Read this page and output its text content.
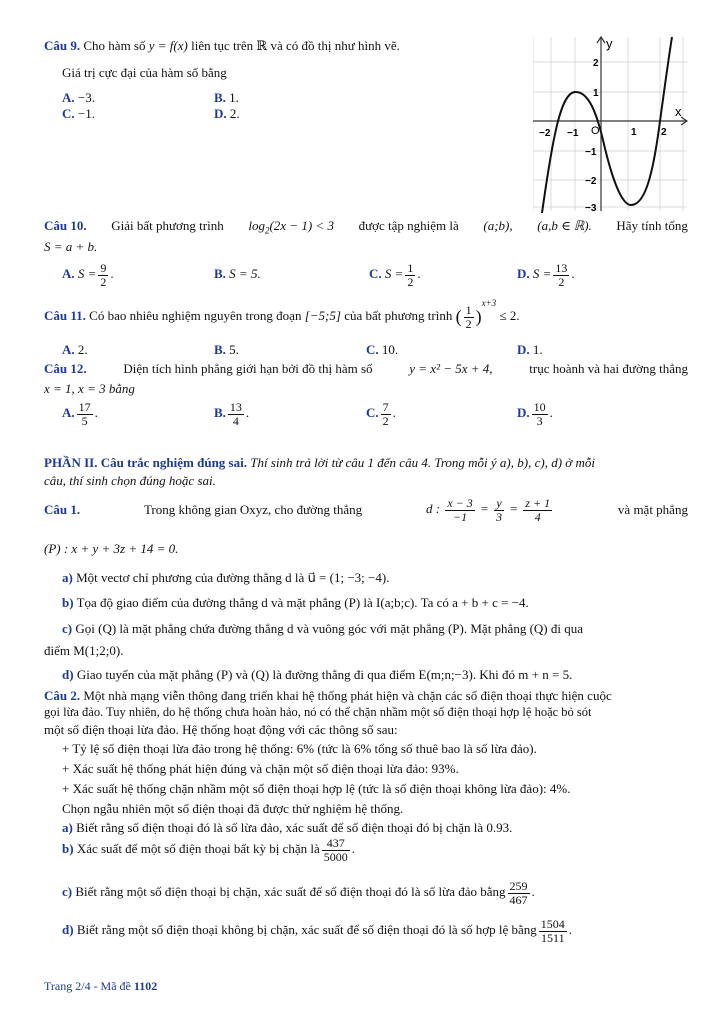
Câu 9. Cho hàm số y = f(x) liên tục trên ℝ và có đồ thị như hình vẽ.
Giá trị cực đại của hàm số bằng
A. −3.	B. 1.
C. −1.	D. 2.
y
x
O
−2 −1	1 2
2
1
−1
−2
−3
Câu 10. Giải bất phương trình $\log_2(2x - 1) < 3$ được tập nghiệm là (a;b), (a,b ∈ ℝ). Hãy tính tổng
S = a + b.
A. $S = \frac{9}{2}$ .	B. S = 5.	C. $S = \frac{1}{2}$ .	D. $S = \frac{13}{2}$ .
Câu 11. Có bao nhiêu nghiệm nguyên trong đoạn [−5;5] của bất phương trình ( $\frac{1}{2} )^{x+3} \le 2$.
A. 2.	B. 5.	C. 10.	D. 1.
Câu 12.	Diện tích hình phẳng giới hạn bởi đồ thị hàm số	y = x² − 5x + 4,	trục hoành và hai đường thẳng
x = 1, x = 3 bằng
A. $\frac{17}{5}$ .	B. $\frac{13}{4}$ .	C. $\frac{7}{2}$ .	D. $\frac{10}{3}$ .
PHẦN II. Câu trắc nghiệm đúng sai. Thí sinh trả lời từ câu 1 đến câu 4. Trong mỗi ý a), b), c), d) ở mỗi
câu, thí sinh chọn đúng hoặc sai.
Câu 1.	Trong không gian Oxyz, cho đường thẳng	d : $\frac{x - 3}{-1} = \frac{y}{3} = \frac{z + 1}{4}$	và mặt phẳng
(P) : x + y + 3z + 14 = 0.
a) Một vectơ chỉ phương của đường thẳng d là u⃗ = (1; −3; −4).
b) Tọa độ giao điểm của đường thẳng d và mặt phẳng (P) là I(a;b;c). Ta có a + b + c = −4.
c) Gọi (Q) là mặt phẳng chứa đường thẳng d và vuông góc với mặt phẳng (P). Mặt phẳng (Q) đi qua
điểm M(1;2;0).
d) Giao tuyến của mặt phẳng (P) và (Q) là đường thẳng đi qua điểm E(m;n;−3). Khi đó m + n = 5.
Câu 2. Một nhà mạng viễn thông đang triển khai hệ thống phát hiện và chặn các số điện thoại thực hiện cuộc
gọi lừa đảo. Tuy nhiên, do hệ thống chưa hoàn hảo, nó có thể chặn nhầm một số điện thoại hợp lệ hoặc bỏ sót
một số điện thoại lừa đảo. Hệ thống hoạt động với các thông số sau:
+ Tỷ lệ số điện thoại lừa đảo trong hệ thống: 6% (tức là 6% tổng số thuê bao là số lừa đảo).
+ Xác suất hệ thống phát hiện đúng và chặn một số điện thoại lừa đảo: 93%.
+ Xác suất hệ thống chặn nhầm một số điện thoại hợp lệ (tức là số điện thoại không lừa đảo): 4%.
Chọn ngẫu nhiên một số điện thoại đã được thử nghiệm hệ thống.
a) Biết rằng số điện thoại đó là số lừa đảo, xác suất để số điện thoại đó bị chặn là 0.93.
b) Xác suất để một số điện thoại bất kỳ bị chặn là $\frac{437}{5000}$ .
c) Biết rằng một số điện thoại bị chặn, xác suất để số điện thoại đó là số lừa đảo bằng $\frac{259}{467}$ .
d) Biết rằng một số điện thoại không bị chặn, xác suất để số điện thoại đó là số hợp lệ bằng $\frac{1504}{1511}$ .
Trang 2/4 - Mã đề 1102
